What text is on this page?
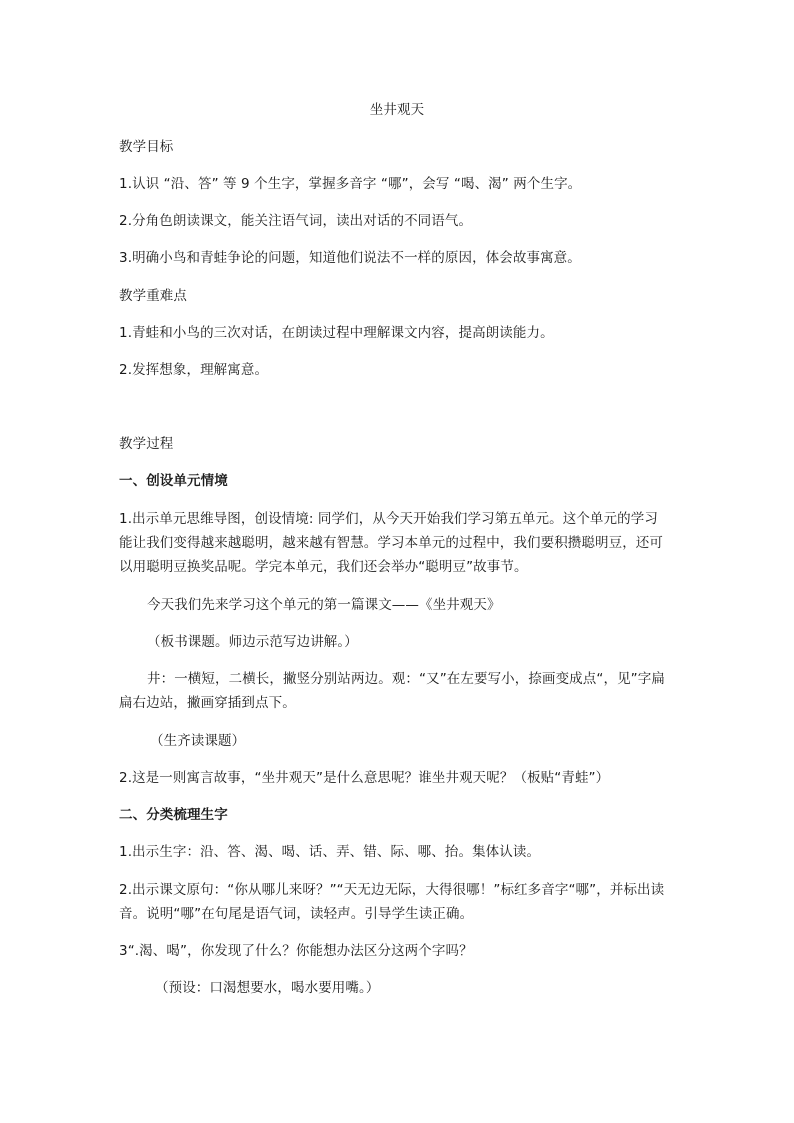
坐井观天
教学目标
1.认识 “沿、答” 等 9 个生字，掌握多音字 “哪”，会写 “喝、渴” 两个生字。
2.分角色朗读课文，能关注语气词，读出对话的不同语气。
3.明确小鸟和青蛙争论的问题，知道他们说法不一样的原因，体会故事寓意。
教学重难点
1.青蛙和小鸟的三次对话，在朗读过程中理解课文内容，提高朗读能力。
2.发挥想象，理解寓意。
教学过程
一、创设单元情境
1.出示单元思维导图，创设情境: 同学们，从今天开始我们学习第五单元。这个单元的学习
能让我们变得越来越聪明，越来越有智慧。学习本单元的过程中，我们要积攒聪明豆，还可
以用聪明豆换奖品呢。学完本单元，我们还会举办“聪明豆”故事节。
今天我们先来学习这个单元的第一篇课文——《坐井观天》
（板书课题。师边示范写边讲解。）
井：一横短，二横长，撇竖分别站两边。观：“又”在左要写小，捺画变成点“，见”字扁
扁右边站，撇画穿插到点下。
（生齐读课题）
2.这是一则寓言故事，“坐井观天”是什么意思呢？谁坐井观天呢？（板贴“青蛙”）
二、分类梳理生字
1.出示生字：沿、答、渴、喝、话、弄、错、际、哪、抬。集体认读。
2.出示课文原句：“你从哪儿来呀？”“天无边无际，大得很哪！”标红多音字“哪”，并标出读
音。说明“哪”在句尾是语气词，读轻声。引导学生读正确。
3“.渴、喝”，你发现了什么？你能想办法区分这两个字吗？
（预设：口渴想要水，喝水要用嘴。）
